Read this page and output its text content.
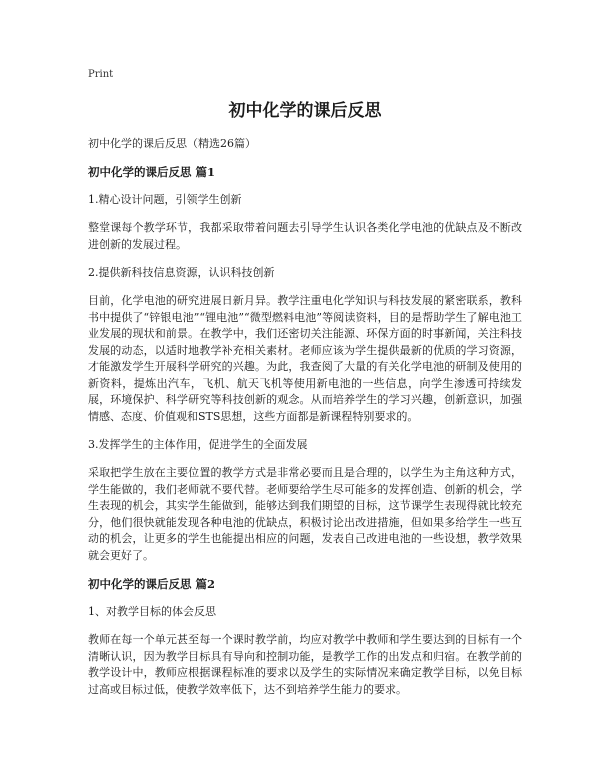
Print
初中化学的课后反思
初中化学的课后反思（精选26篇）
初中化学的课后反思 篇1
1.精心设计问题，引领学生创新
整堂课每个教学环节，我都采取带着问题去引导学生认识各类化学电池的优缺点及不断改进创新的发展过程。
2.提供新科技信息资源，认识科技创新
目前，化学电池的研究进展日新月异。教学注重电化学知识与科技发展的紧密联系，教科书中提供了“锌银电池”“锂电池”“微型燃料电池”等阅读资料，目的是帮助学生了解电池工业发展的现状和前景。在教学中，我们还密切关注能源、环保方面的时事新闻，关注科技发展的动态，以适时地教学补充相关素材。老师应该为学生提供最新的优质的学习资源，才能激发学生开展科学研究的兴趣。为此，我查阅了大量的有关化学电池的研制及使用的新资料，提炼出汽车，飞机、航天飞机等使用新电池的一些信息，向学生渗透可持续发展，环境保护、科学研究等科技创新的观念。从而培养学生的学习兴趣，创新意识，加强情感、态度、价值观和STS思想，这些方面都是新课程特别要求的。
3.发挥学生的主体作用，促进学生的全面发展
采取把学生放在主要位置的教学方式是非常必要而且是合理的，以学生为主角这种方式，学生能做的，我们老师就不要代替。老师要给学生尽可能多的发挥创造、创新的机会，学生表现的机会，其实学生能做到，能够达到我们期望的目标，这节课学生表现得就比较充分，他们很快就能发现各种电池的优缺点，积极讨论出改进措施，但如果多给学生一些互动的机会，让更多的学生也能提出相应的问题，发表自己改进电池的一些设想，教学效果就会更好了。
初中化学的课后反思 篇2
1、对教学目标的体会反思
教师在每一个单元甚至每一个课时教学前，均应对教学中教师和学生要达到的目标有一个清晰认识，因为教学目标具有导向和控制功能，是教学工作的出发点和归宿。在教学前的教学设计中，教师应根据课程标准的要求以及学生的实际情况来确定教学目标，以免目标过高或目标过低，使教学效率低下，达不到培养学生能力的要求。
